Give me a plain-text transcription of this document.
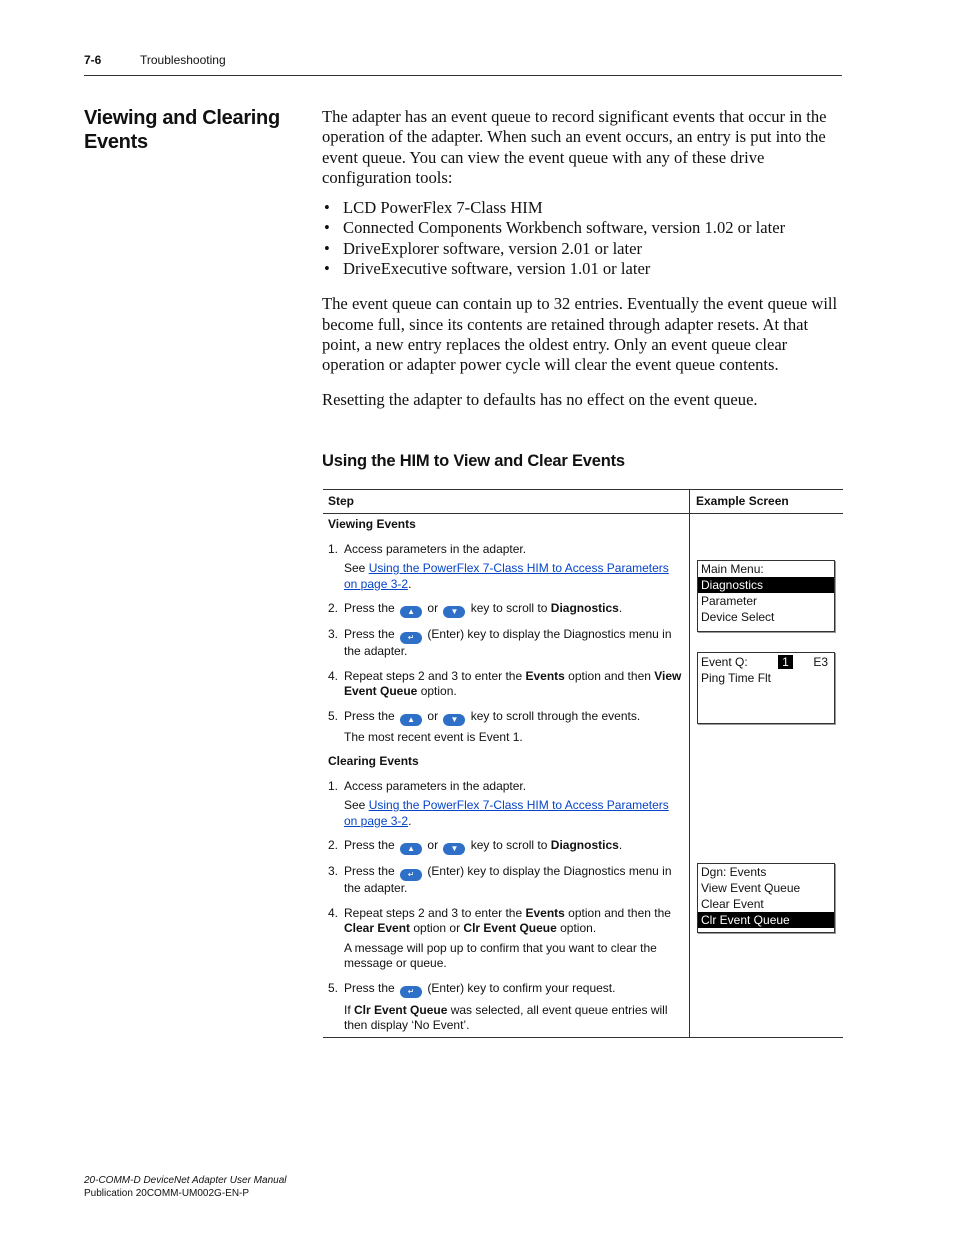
7-6	Troubleshooting
Viewing and Clearing Events

The adapter has an event queue to record significant events that occur in the operation of the adapter. When such an event occurs, an entry is put into the event queue. You can view the event queue with any of these drive configuration tools:

• LCD PowerFlex 7-Class HIM
• Connected Components Workbench software, version 1.02 or later
• DriveExplorer software, version 2.01 or later
• DriveExecutive software, version 1.01 or later

The event queue can contain up to 32 entries. Eventually the event queue will become full, since its contents are retained through adapter resets. At that point, a new entry replaces the oldest entry. Only an event queue clear operation or adapter power cycle will clear the event queue contents.

Resetting the adapter to defaults has no effect on the event queue.

Using the HIM to View and Clear Events
Step	Example Screen
Viewing Events
1. Access parameters in the adapter.
See Using the PowerFlex 7-Class HIM to Access Parameters on page 3-2.
2. Press the ▲ or ▼ key to scroll to Diagnostics.
3. Press the ↵ (Enter) key to display the Diagnostics menu in the adapter.
4. Repeat steps 2 and 3 to enter the Events option and then View Event Queue option.
5. Press the ▲ or ▼ key to scroll through the events.
The most recent event is Event 1.
Clearing Events
1. Access parameters in the adapter.
See Using the PowerFlex 7-Class HIM to Access Parameters on page 3-2.
2. Press the ▲ or ▼ key to scroll to Diagnostics.
3. Press the ↵ (Enter) key to display the Diagnostics menu in the adapter.
4. Repeat steps 2 and 3 to enter the Events option and then the Clear Event option or Clr Event Queue option.
A message will pop up to confirm that you want to clear the message or queue.
5. Press the ↵ (Enter) key to confirm your request.
If Clr Event Queue was selected, all event queue entries will then display ‘No Event’.
Main Menu:
Diagnostics
Parameter
Device Select
Event Q:	1	E3
Ping Time Flt
Dgn: Events
View Event Queue
Clear Event
Clr Event Queue
20-COMM-D DeviceNet Adapter User Manual
Publication 20COMM-UM002G-EN-P
